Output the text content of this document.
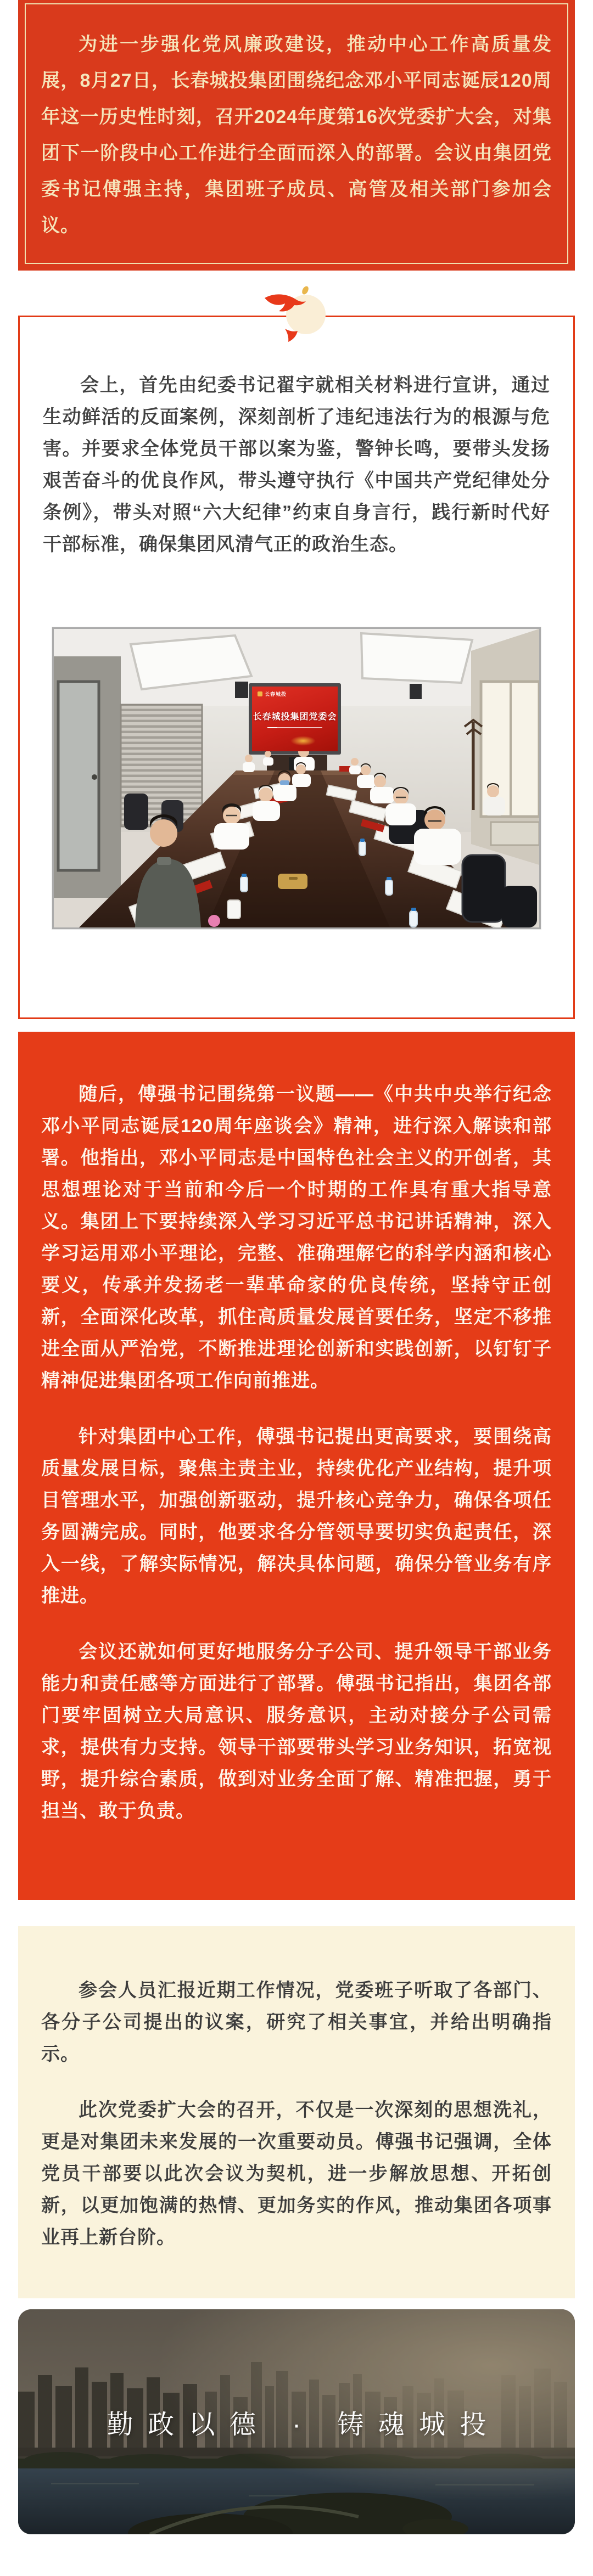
为进一步强化党风廉政建设，推动中心工作高质量发展，8月27日，长春城投集团围绕纪念邓小平同志诞辰120周年这一历史性时刻，召开2024年度第16次党委扩大会，对集团下一阶段中心工作进行全面而深入的部署。会议由集团党委书记傅强主持，集团班子成员、高管及相关部门参加会议。

会上，首先由纪委书记翟宇就相关材料进行宣讲，通过生动鲜活的反面案例，深刻剖析了违纪违法行为的根源与危害。并要求全体党员干部以案为鉴，警钟长鸣，要带头发扬艰苦奋斗的优良作风，带头遵守执行《中国共产党纪律处分条例》，带头对照“六大纪律”约束自身言行，践行新时代好干部标准，确保集团风清气正的政治生态。

长春城投
长春城投集团党委会

随后，傅强书记围绕第一议题——《中共中央举行纪念邓小平同志诞辰120周年座谈会》精神，进行深入解读和部署。他指出，邓小平同志是中国特色社会主义的开创者，其思想理论对于当前和今后一个时期的工作具有重大指导意义。集团上下要持续深入学习习近平总书记讲话精神，深入学习运用邓小平理论，完整、准确理解它的科学内涵和核心要义，传承并发扬老一辈革命家的优良传统，坚持守正创新，全面深化改革，抓住高质量发展首要任务，坚定不移推进全面从严治党，不断推进理论创新和实践创新，以钉钉子精神促进集团各项工作向前推进。

针对集团中心工作，傅强书记提出更高要求，要围绕高质量发展目标，聚焦主责主业，持续优化产业结构，提升项目管理水平，加强创新驱动，提升核心竞争力，确保各项任务圆满完成。同时，他要求各分管领导要切实负起责任，深入一线，了解实际情况，解决具体问题，确保分管业务有序推进。

会议还就如何更好地服务分子公司、提升领导干部业务能力和责任感等方面进行了部署。傅强书记指出，集团各部门要牢固树立大局意识、服务意识，主动对接分子公司需求，提供有力支持。领导干部要带头学习业务知识，拓宽视野，提升综合素质，做到对业务全面了解、精准把握，勇于担当、敢于负责。

参会人员汇报近期工作情况，党委班子听取了各部门、各分子公司提出的议案，研究了相关事宜，并给出明确指示。

此次党委扩大会的召开，不仅是一次深刻的思想洗礼，更是对集团未来发展的一次重要动员。傅强书记强调，全体党员干部要以此次会议为契机，进一步解放思想、开拓创新，以更加饱满的热情、更加务实的作风，推动集团各项事业再上新台阶。

勤政以德 · 铸魂城投
